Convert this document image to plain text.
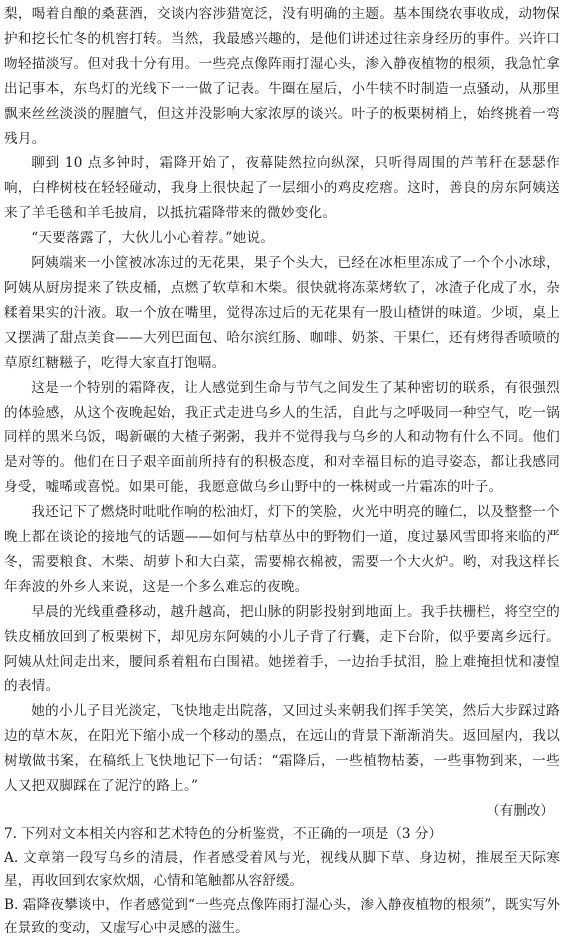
梨，喝着自酿的桑葚酒，交谈内容涉猎宽泛，没有明确的主题。基本围绕农事收成，动物保护和挖长忙冬的机窖打转。当然，我最感兴趣的，是他们讲述过往亲身经历的事件。兴许口吻轻描淡写。但对我十分有用。一些亮点像阵雨打湿心头，渗入静夜植物的根须，我急忙拿出记事本，东鸟灯的光线下一一做了记表。牛圈在屋后，小牛犊不时制造一点骚动，从那里飘来丝丝淡淡的腥膻气，但这并没影响大家浓厚的谈兴。叶子的板栗树梢上，始终挑着一弯残月。

聊到 10 点多钟时，霜降开始了，夜幕陡然拉向纵深，只听得周围的芦苇秆在瑟瑟作响，白桦树枝在轻轻碰动，我身上很快起了一层细小的鸡皮疙瘩。这时，善良的房东阿姨送来了羊毛毯和羊毛披肩，以抵抗霜降带来的微妙变化。

“天要落露了，大伙儿小心着荐。”她说。

阿姨端来一小筐被冰冻过的无花果，果子个头大，已经在冰柜里冻成了一个个小冰球，阿姨从厨房提来了铁皮桶，点燃了软草和木柴。很快就将冻菜烤软了，冰渣子化成了水，杂糅着果实的汁液。取一个放在嘴里，觉得冻过后的无花果有一股山楂饼的味道。少顷，桌上又摆满了甜点美食——大列巴面包、哈尔滨红肠、咖啡、奶茶、干果仁，还有烤得香喷喷的草原红糖糍子，吃得大家直打饱嗝。

这是一个特别的霜降夜，让人感觉到生命与节气之间发生了某种密切的联系，有很强烈的体验感，从这个夜晚起始，我正式走进乌乡人的生活，自此与之呼吸同一种空气，吃一锅同样的黑米乌饭，喝新碾的大楂子粥粥，我并不觉得我与乌乡的人和动物有什么不同。他们是对等的。他们在日子艰辛面前所持有的积极态度，和对幸福目标的追寻姿态，都让我感同身受，嘘唏或喜悦。如果可能，我愿意做乌乡山野中的一株树或一片霜冻的叶子。

我还记下了燃烧时吡吡作响的松油灯，灯下的笑脸，火光中明亮的瞳仁，以及整整一个晚上都在谈论的接地气的话题——如何与枯草丛中的野物们一道，度过暴风雪即将来临的严冬，需要粮食、木柴、胡萝卜和大白菜，需要棉衣棉被，需要一个大火炉。哟，对我这样长年奔波的外乡人来说，这是一个多么难忘的夜晚。

早晨的光线重叠移动，越升越高，把山脉的阴影投射到地面上。我手扶栅栏，将空空的铁皮桶放回到了板栗树下，却见房东阿姨的小儿子背了行囊，走下台阶，似乎要离乡远行。阿姨从灶间走出来，腰间系着粗布白围裙。她搓着手，一边抬手拭泪，脸上难掩担忧和凄惶的表情。

她的小儿子目光淡定，飞快地走出院落，又回过头来朝我们挥手笑笑，然后大步踩过路边的草木灰，在阳光下缩小成一个移动的墨点，在远山的背景下渐渐消失。返回屋内，我以树墩做书案，在稿纸上飞快地记下一句话：“霜降后，一些植物枯萎，一些事物到来，一些人又把双脚踩在了泥泞的路上。”

（有删改）

7. 下列对文本相关内容和艺术特色的分析鉴赏，不正确的一项是（3 分）

A. 文章第一段写乌乡的清晨，作者感受着风与光，视线从脚下草、身边树，推展至天际寒星，再收回到农家炊烟，心情和笔触都从容舒缓。

B. 霜降夜攀谈中，作者感觉到“一些亮点像阵雨打湿心头，渗入静夜植物的根须”，既实写外在景致的变动，又虚写心中灵感的滋生。
